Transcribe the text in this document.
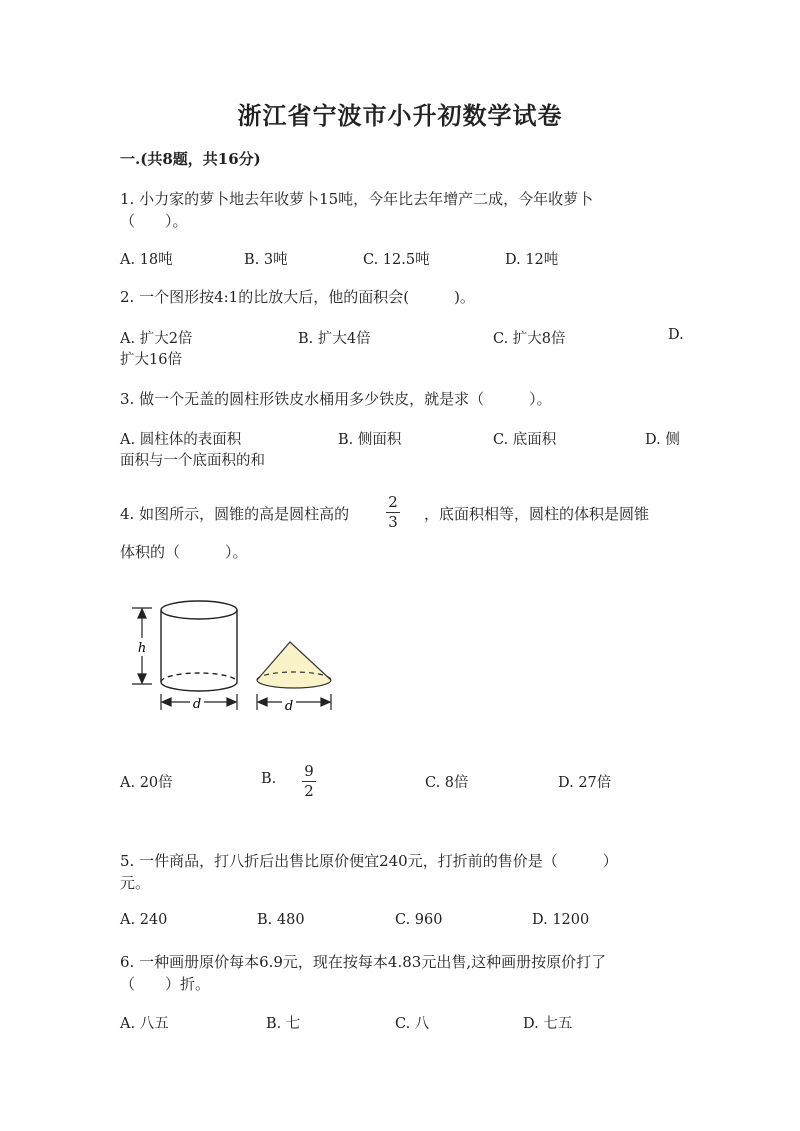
浙江省宁波市小升初数学试卷
一.(共8题，共16分)
1. 小力家的萝卜地去年收萝卜15吨，今年比去年增产二成，今年收萝卜
（　　）。
A. 18吨	B. 3吨	C. 12.5吨	D. 12吨
2. 一个图形按4:1的比放大后，他的面积会(　　　)。
A. 扩大2倍	B. 扩大4倍	C. 扩大8倍	D.
扩大16倍
3. 做一个无盖的圆柱形铁皮水桶用多少铁皮，就是求（　　　）。
A. 圆柱体的表面积	B. 侧面积	C. 底面积	D. 侧
面积与一个底面积的和
4. 如图所示，圆锥的高是圆柱高的
2
3 ，底面积相等，圆柱的体积是圆锥
体积的（　　　）。
h
d	d
A. 20倍	B. 9
2	C. 8倍	D. 27倍
5. 一件商品，打八折后出售比原价便宜240元，打折前的售价是（　　　）
元。
A. 240	B. 480	C. 960	D. 1200
6. 一种画册原价每本6.9元，现在按每本4.83元出售,这种画册按原价打了
（　　）折。
A. 八五	B. 七	C. 八	D. 七五
